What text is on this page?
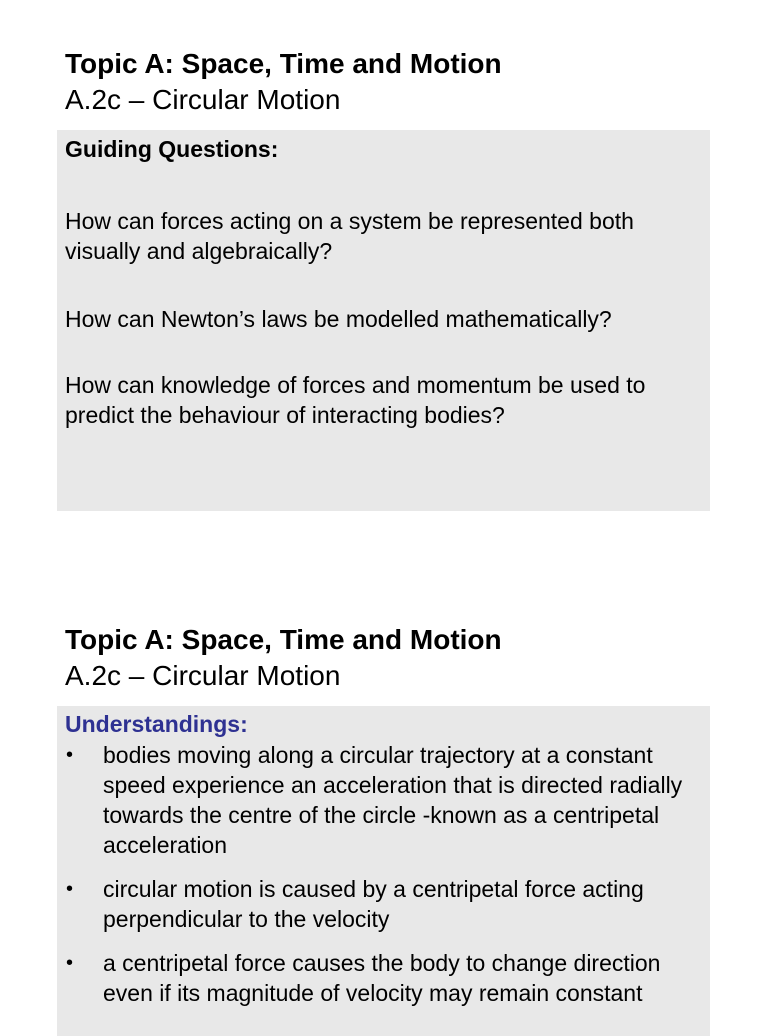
Topic A: Space, Time and Motion
A.2c – Circular Motion
Guiding Questions:

How can forces acting on a system be represented both visually and algebraically?

How can Newton’s laws be modelled mathematically?

How can knowledge of forces and momentum be used to predict the behaviour of interacting bodies?

Topic A: Space, Time and Motion
A.2c – Circular Motion
Understandings:
• bodies moving along a circular trajectory at a constant speed experience an acceleration that is directed radially towards the centre of the circle -known as a centripetal acceleration
• circular motion is caused by a centripetal force acting perpendicular to the velocity
• a centripetal force causes the body to change direction even if its magnitude of velocity may remain constant
